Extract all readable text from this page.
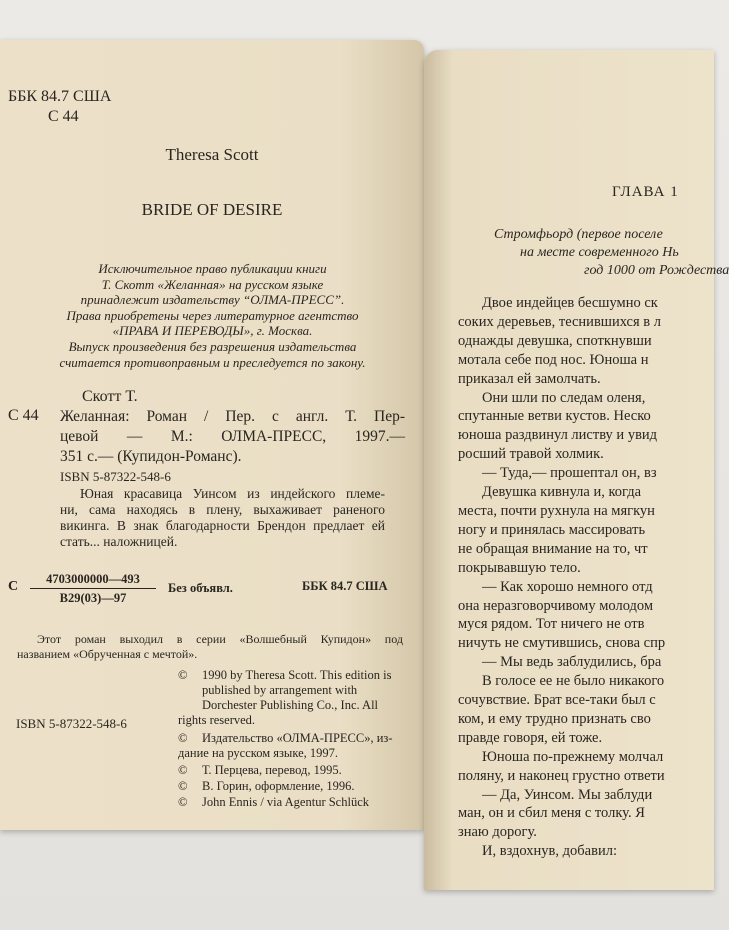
ББК 84.7 США
С 44
Theresa Scott
BRIDE OF DESIRE
Исключительное право публикации книги
Т. Скотт «Желанная» на русском языке
принадлежит издательству “ОЛМА-ПРЕСС”.
Права приобретены через литературное агентство
«ПРАВА И ПЕРЕВОДЫ», г. Москва.
Выпуск произведения без разрешения издательства
считается противоправным и преследуется по закону.
Скотт Т.
С 44 Желанная: Роман / Пер. с англ. Т. Пер-
цевой — М.: ОЛМА-ПРЕСС, 1997.—
351 с.— (Купидон-Романс).
ISBN 5-87322-548-6
Юная красавица Уинсом из индейского племе-
ни, сама находясь в плену, выхаживает раненого
викинга. В знак благодарности Брендон предлает ей
стать... наложницей.
С	4703000000—493
В29(03)—97
Без объявл.	ББК 84.7 США
Этот роман выходил в серии «Волшебный Купидон» под
названием «Обрученная с мечтой».
© 1990 by Theresa Scott. This edition is
published by arrangement with
Dorchester Publishing Co., Inc. All
rights reserved.
© Издательство «ОЛМА-ПРЕСС», из-
дание на русском языке, 1997.
© Т. Перцева, перевод, 1995.
© В. Горин, оформление, 1996.
© John Ennis / via Agentur Schlück
ISBN 5-87322-548-6
ГЛАВА 1
Стромфьорд (первое поселе
на месте современного Нь
год 1000 от Рождества
Двое индейцев бесшумно ск
соких деревьев, теснившихся в л
однажды девушка, споткнувши
мотала себе под нос. Юноша н
приказал ей замолчать.
Они шли по следам оленя,
спутанные ветви кустов. Неско
юноша раздвинул листву и увид
росший травой холмик.
— Туда,— прошептал он, вз
Девушка кивнула и, когда
места, почти рухнула на мягкун
ногу и принялась массировать
не обращая внимание на то, чт
покрывавшую тело.
— Как хорошо немного отд
она неразговорчивому молодом
муся рядом. Тот ничего не отв
ничуть не смутившись, снова спр
— Мы ведь заблудились, бра
В голосе ее не было никакого
сочувствие. Брат все-таки был с
ком, и ему трудно признать сво
правде говоря, ей тоже.
Юноша по-прежнему молчал
поляну, и наконец грустно ответи
— Да, Уинсом. Мы заблуди
ман, он и сбил меня с толку. Я
знаю дорогу.
И, вздохнув, добавил:
